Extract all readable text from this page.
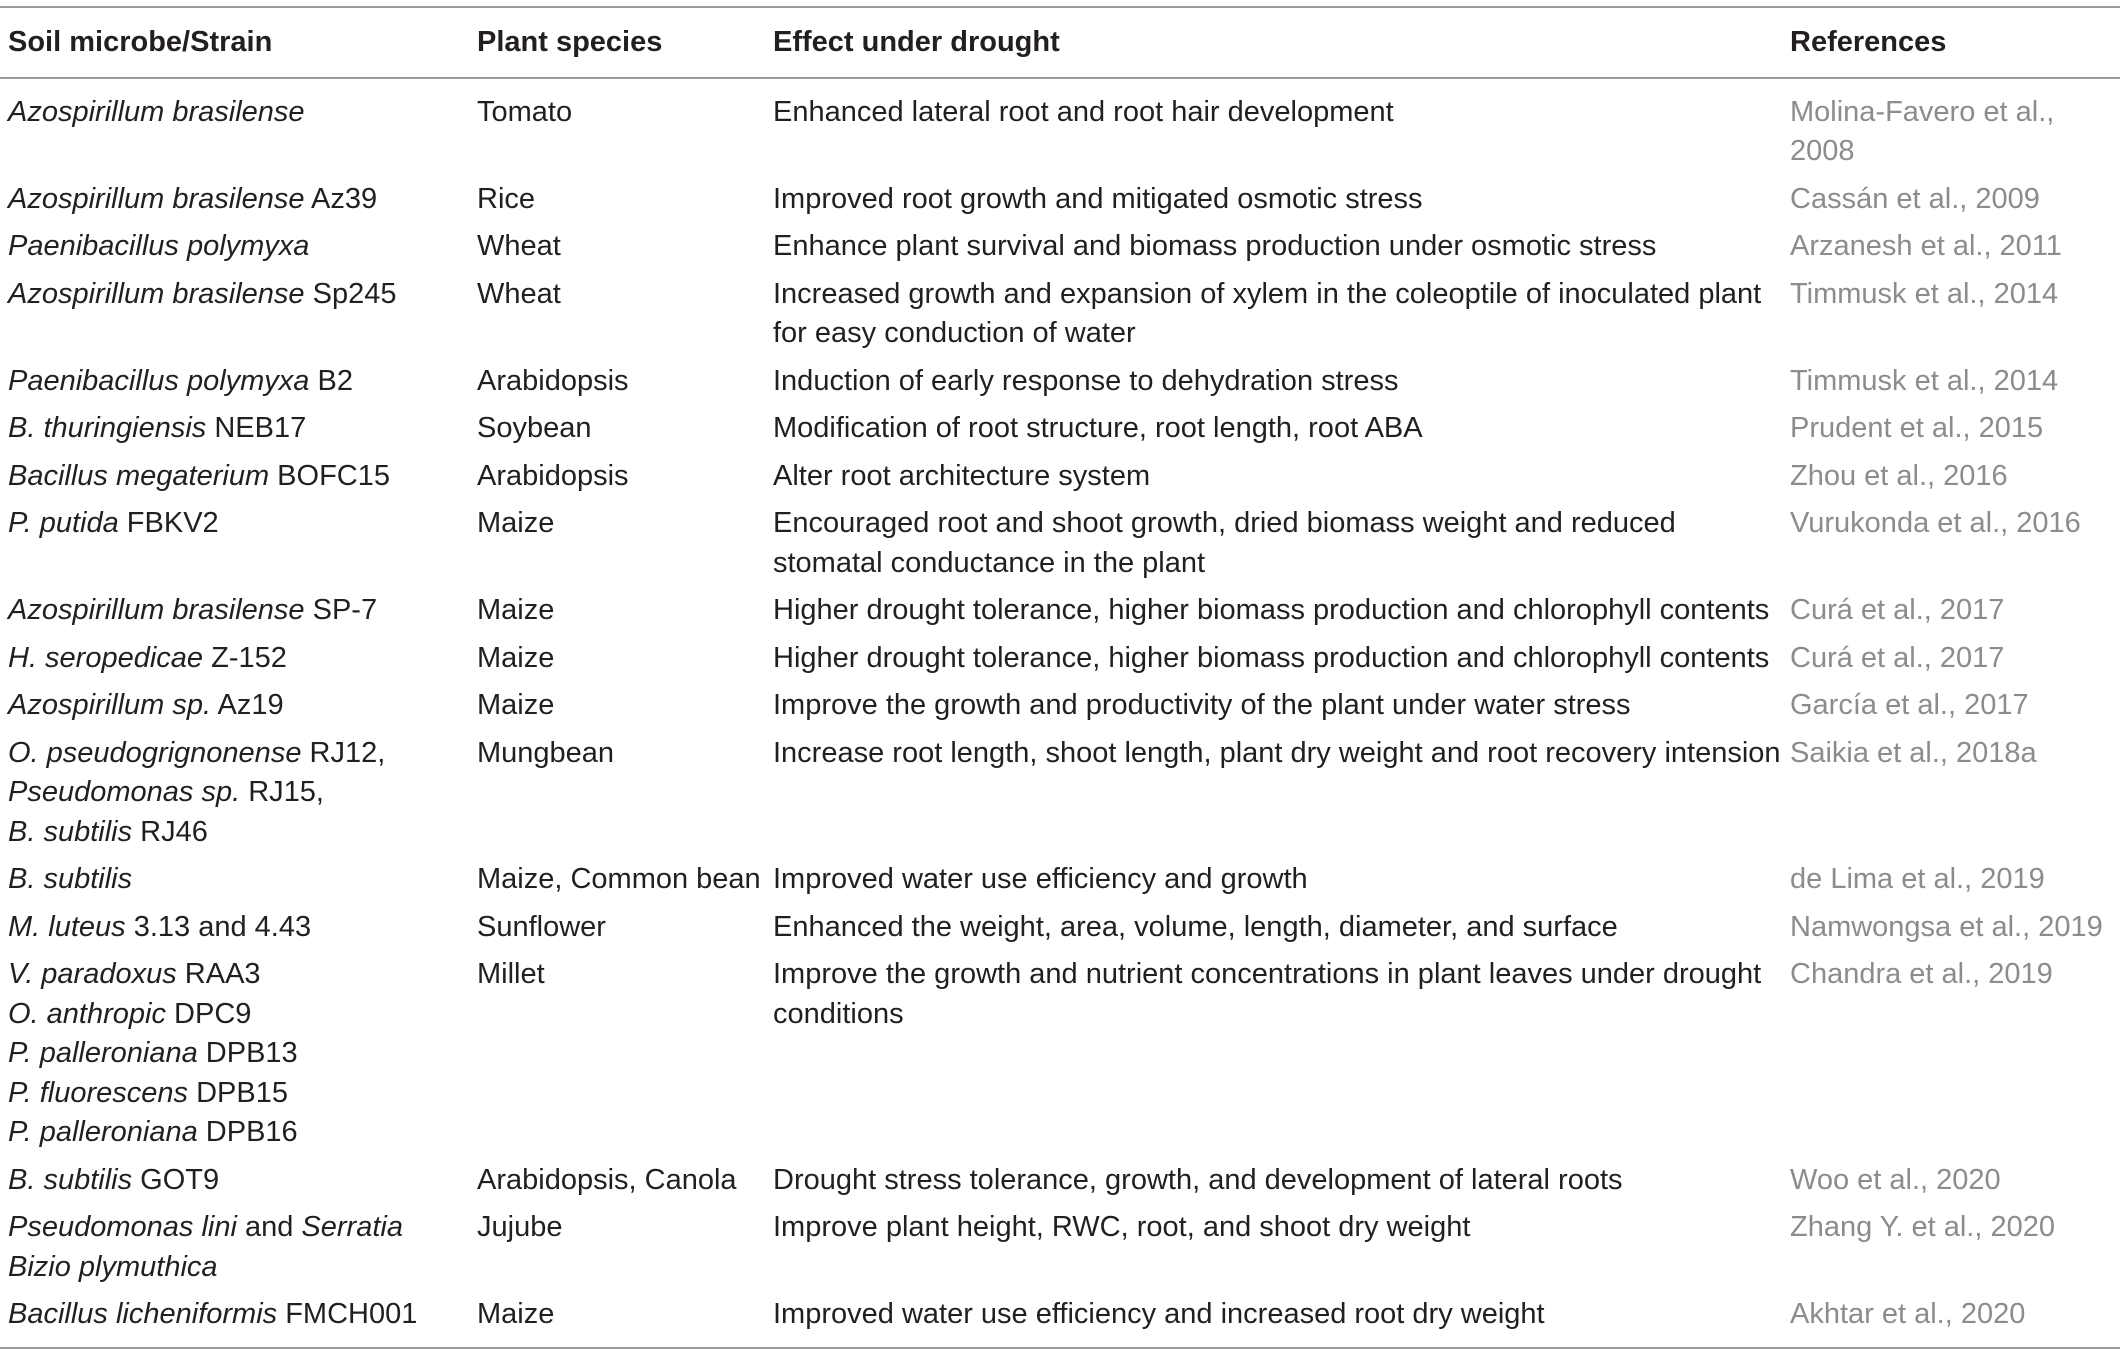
Soil microbe/Strain	Plant species	Effect under drought	References

Azospirillum brasilense	Tomato	Enhanced lateral root and root hair development	Molina-Favero et al., 2008

Azospirillum brasilense Az39	Rice	Improved root growth and mitigated osmotic stress	Cassán et al., 2009

Paenibacillus polymyxa	Wheat	Enhance plant survival and biomass production under osmotic stress	Arzanesh et al., 2011

Azospirillum brasilense Sp245	Wheat	Increased growth and expansion of xylem in the coleoptile of inoculated plant for easy conduction of water	Timmusk et al., 2014

Paenibacillus polymyxa B2	Arabidopsis	Induction of early response to dehydration stress	Timmusk et al., 2014

B. thuringiensis NEB17	Soybean	Modification of root structure, root length, root ABA	Prudent et al., 2015

Bacillus megaterium BOFC15	Arabidopsis	Alter root architecture system	Zhou et al., 2016

P. putida FBKV2	Maize	Encouraged root and shoot growth, dried biomass weight and reduced stomatal conductance in the plant	Vurukonda et al., 2016

Azospirillum brasilense SP-7	Maize	Higher drought tolerance, higher biomass production and chlorophyll contents	Curá et al., 2017

H. seropedicae Z-152	Maize	Higher drought tolerance, higher biomass production and chlorophyll contents	Curá et al., 2017

Azospirillum sp. Az19	Maize	Improve the growth and productivity of the plant under water stress	García et al., 2017

O. pseudogrignonense RJ12,
Pseudomonas sp. RJ15,
B. subtilis RJ46	Mungbean	Increase root length, shoot length, plant dry weight and root recovery intension	Saikia et al., 2018a

B. subtilis	Maize, Common bean	Improved water use efficiency and growth	de Lima et al., 2019

M. luteus 3.13 and 4.43	Sunflower	Enhanced the weight, area, volume, length, diameter, and surface	Namwongsa et al., 2019

V. paradoxus RAA3
O. anthropic DPC9
P. palleroniana DPB13
P. fluorescens DPB15
P. palleroniana DPB16	Millet	Improve the growth and nutrient concentrations in plant leaves under drought conditions	Chandra et al., 2019

B. subtilis GOT9	Arabidopsis, Canola	Drought stress tolerance, growth, and development of lateral roots	Woo et al., 2020

Pseudomonas lini and Serratia Bizio plymuthica	Jujube	Improve plant height, RWC, root, and shoot dry weight	Zhang Y. et al., 2020

Bacillus licheniformis FMCH001	Maize	Improved water use efficiency and increased root dry weight	Akhtar et al., 2020
